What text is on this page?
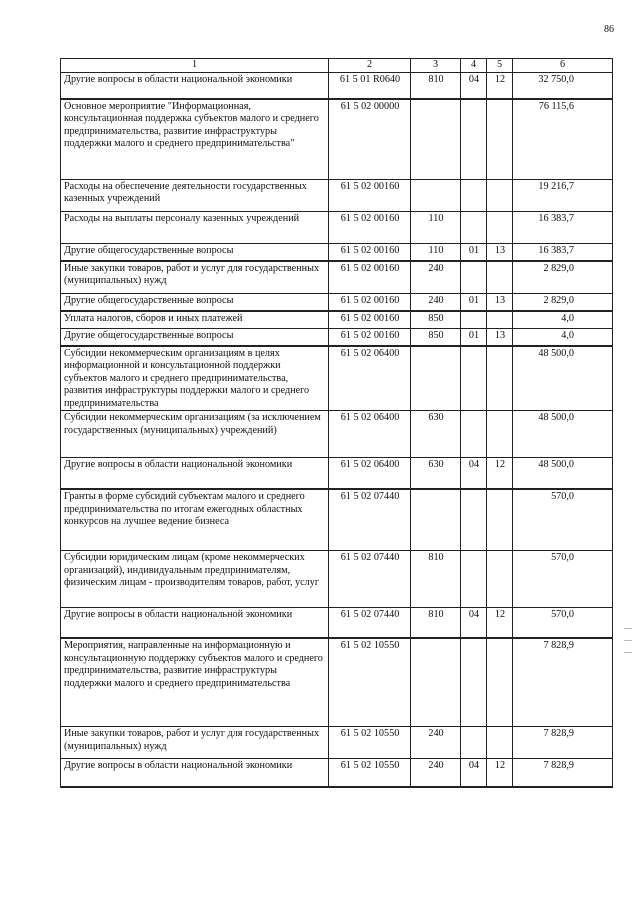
86
1	2	3	4	5	6
Другие вопросы в области национальной экономики	61 5 01 R0640	810	04	12	32 750,0
Основное мероприятие "Информационная, консультационная поддержка субъектов малого и среднего предпринимательства, развитие инфраструктуры поддержки малого и среднего предпринимательства"	61 5 02 00000				76 115,6
Расходы на обеспечение деятельности государственных казенных учреждений	61 5 02 00160				19 216,7
Расходы на выплаты персоналу казенных учреждений	61 5 02 00160	110			16 383,7
Другие общегосударственные вопросы	61 5 02 00160	110	01	13	16 383,7
Иные закупки товаров, работ и услуг для государственных (муниципальных) нужд	61 5 02 00160	240			2 829,0
Другие общегосударственные вопросы	61 5 02 00160	240	01	13	2 829,0
Уплата налогов, сборов и иных платежей	61 5 02 00160	850			4,0
Другие общегосударственные вопросы	61 5 02 00160	850	01	13	4,0
Субсидии некоммерческим организациям в целях информационной и консультационной поддержки субъектов малого и среднего предпринимательства, развития инфраструктуры поддержки малого и среднего предпринимательства	61 5 02 06400				48 500,0
Субсидии некоммерческим организациям (за исключением государственных (муниципальных) учреждений)	61 5 02 06400	630			48 500,0
Другие вопросы в области национальной экономики	61 5 02 06400	630	04	12	48 500,0
Гранты в форме субсидий субъектам малого и среднего предпринимательства по итогам ежегодных областных конкурсов на лучшее ведение бизнеса	61 5 02 07440				570,0
Субсидии юридическим лицам (кроме некоммерческих организаций), индивидуальным предпринимателям, физическим лицам - производителям товаров, работ, услуг	61 5 02 07440	810			570,0
Другие вопросы в области национальной экономики	61 5 02 07440	810	04	12	570,0
Мероприятия, направленные на информационную и консультационную поддержку субъектов малого и среднего предпринимательства, развитие инфраструктуры поддержки малого и среднего предпринимательства	61 5 02 10550				7 828,9
Иные закупки товаров, работ и услуг для государственных (муниципальных) нужд	61 5 02 10550	240			7 828,9
Другие вопросы в области национальной экономики	61 5 02 10550	240	04	12	7 828,9
